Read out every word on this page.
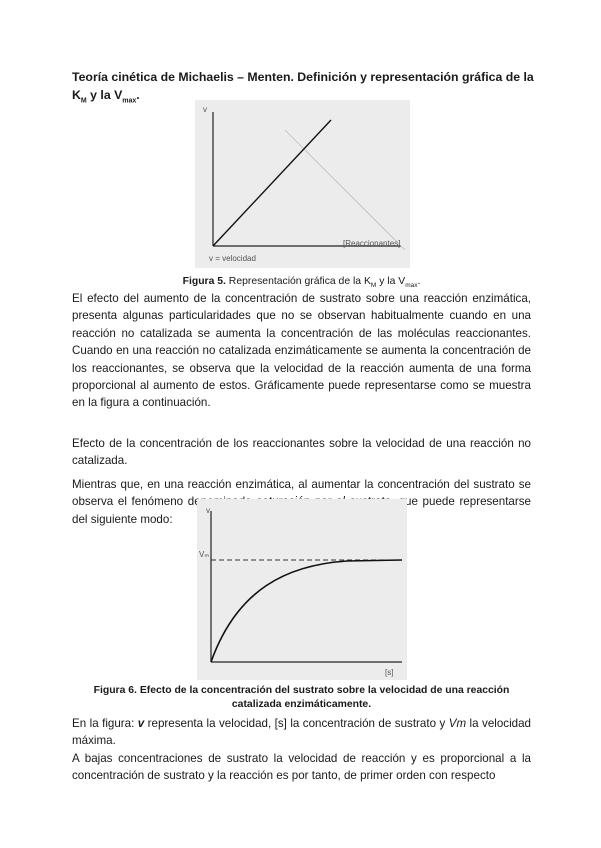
Teoría cinética de Michaelis – Menten. Definición y representación gráfica de la
$K_M$ y la $V_{max}$.
v
[Reaccionantes]
v = velocidad
Figura 5. Representación gráfica de la $K_M$ y la $V_{max}$.
El efecto del aumento de la concentración de sustrato sobre una reacción enzimática, presenta algunas particularidades que no se observan habitualmente cuando en una reacción no catalizada se aumenta la concentración de las moléculas reaccionantes. Cuando en una reacción no catalizada enzimáticamente se aumenta la concentración de los reaccionantes, se observa que la velocidad de la reacción aumenta de una forma proporcional al aumento de estos. Gráficamente puede representarse como se muestra en la figura a continuación.
Efecto de la concentración de los reaccionantes sobre la velocidad de una reacción no catalizada.
Mientras que, en una reacción enzimática, al aumentar la concentración del sustrato se observa el fenómeno denominado saturación por el sustrato, que puede representarse del siguiente modo:
v
Vₘ
[s]
Figura 6. Efecto de la concentración del sustrato sobre la velocidad de una reacción
catalizada enzimáticamente.
En la figura: v representa la velocidad, [s] la concentración de sustrato y Vm la velocidad máxima.
A bajas concentraciones de sustrato la velocidad de reacción y es proporcional a la concentración de sustrato y la reacción es por tanto, de primer orden con respecto
